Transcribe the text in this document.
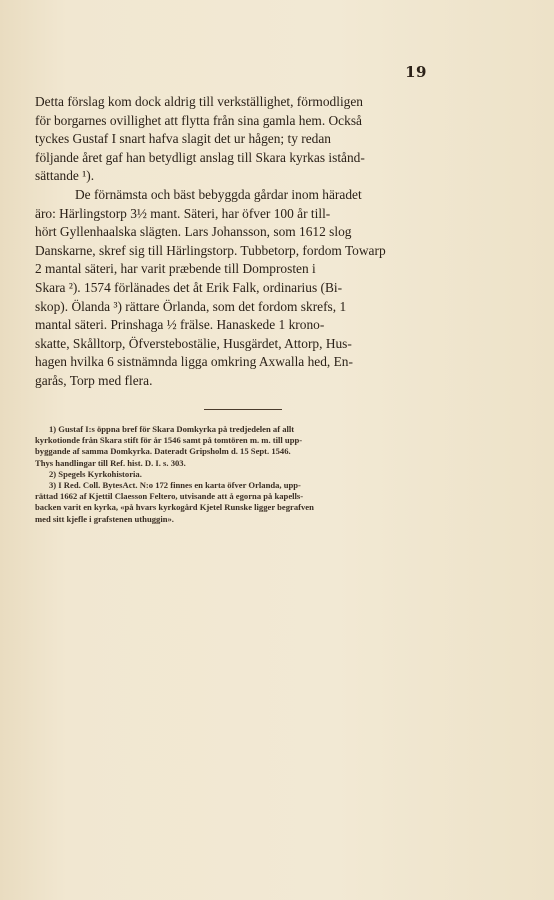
19
Detta förslag kom dock aldrig till verkställighet, förmodligen
för borgarnes ovillighet att flytta från sina gamla hem. Också
tyckes Gustaf I snart hafva slagit det ur hågen; ty redan
följande året gaf han betydligt anslag till Skara kyrkas istånd-
sättande ¹).
De förnämsta och bäst bebyggda gårdar inom häradet
äro: Härlingstorp 3½ mant. Säteri, har öfver 100 år till-
hört Gyllenhaalska slägten. Lars Johansson, som 1612 slog
Danskarne, skref sig till Härlingstorp. Tubbetorp, fordom Towarp
2 mantal säteri, har varit præbende till Domprosten i
Skara ²). 1574 förlänades det åt Erik Falk, ordinarius (Bi-
skop). Ölanda ³) rättare Örlanda, som det fordom skrefs, 1
mantal säteri. Prinshaga ½ frälse. Hanaskede 1 krono-
skatte, Skålltorp, Öfverstebostälie, Husgärdet, Attorp, Hus-
hagen hvilka 6 sistnämnda ligga omkring Axwalla hed, En-
garås, Torp med flera.
1) Gustaf I:s öppna bref för Skara Domkyrka på tredjedelen af allt
kyrkotionde från Skara stift för år 1546 samt på tomtören m. m. till upp-
byggande af samma Domkyrka. Dateradt Gripsholm d. 15 Sept. 1546.
Thys handlingar till Ref. hist. D. I. s. 303.
2) Spegels Kyrkohistoria.
3) I Red. Coll. BytesAct. N:o 172 finnes en karta öfver Orlanda, upp-
rättad 1662 af Kjettil Claesson Feltero, utvisande att å egorna på kapells-
backen varit en kyrka, «på hvars kyrkogård Kjetel Runske ligger begrafven
med sitt kjefle i grafstenen uthuggin».
